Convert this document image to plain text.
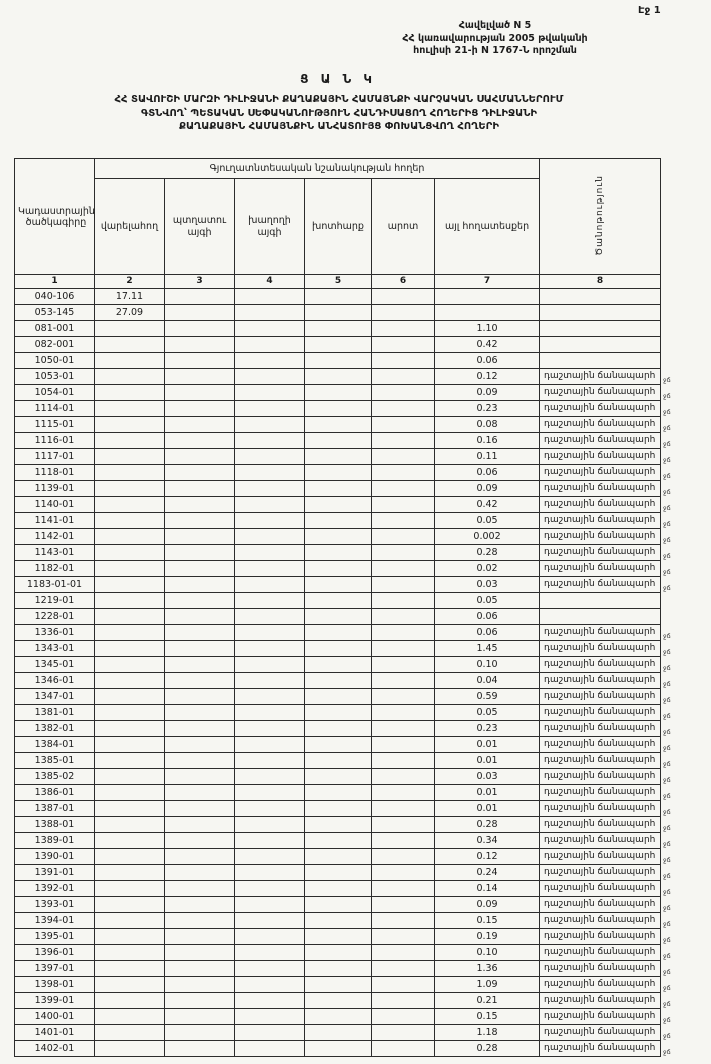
Էջ 1
Հավելված N 5
ՀՀ կառավարության 2005 թվականի
հուլիսի 21-ի N 1767-Ն որոշման
Ց Ա Ն Կ
ՀՀ ՏԱՎՈՒՇԻ ՄԱՐԶԻ ԴԻԼԻՋԱՆԻ ՔԱՂԱՔԱՅԻՆ ՀԱՄԱՅՆՔԻ ՎԱՐՉԱԿԱՆ ՍԱՀՄԱՆՆԵՐՈՒՄ
ԳՏՆՎՈՂ՝ ՊԵՏԱԿԱՆ ՍԵՓԱԿԱՆՈՒԹՅՈՒՆ ՀԱՆԴԻՍԱՑՈՂ ՀՈՂԵՐԻՑ ԴԻԼԻՋԱՆԻ
ՔԱՂԱՔԱՅԻՆ ՀԱՄԱՅՆՔԻՆ ԱՆՀԱՏՈՒՅՑ ՓՈԽԱՆՑՎՈՂ ՀՈՂԵՐԻ
Կադաստրային ծածկագիրը	Գյուղատնտեսական նշանակության հողեր						Ծանոթություն
	վարելահող	պտղատու այգի	խաղողի այգի	խոտհարք	արոտ	այլ հողատեսքեր	
1	2	3	4	5	6	7	8
040-106	17.11						
053-145	27.09						
081-001						1.10	
082-001						0.42	
1050-01						0.06	
1053-01						0.12	դաշտային ճանապարհ
1054-01						0.09	դաշտային ճանապարհ
1114-01						0.23	դաշտային ճանապարհ
1115-01						0.08	դաշտային ճանապարհ
1116-01						0.16	դաշտային ճանապարհ
1117-01						0.11	դաշտային ճանապարհ
1118-01						0.06	դաշտային ճանապարհ
1139-01						0.09	դաշտային ճանապարհ
1140-01						0.42	դաշտային ճանապարհ
1141-01						0.05	դաշտային ճանապարհ
1142-01						0.002	դաշտային ճանապարհ
1143-01						0.28	դաշտային ճանապարհ
1182-01						0.02	դաշտային ճանապարհ
1183-01-01						0.03	դաշտային ճանապարհ
1219-01						0.05	
1228-01						0.06	
1336-01						0.06	դաշտային ճանապարհ
1343-01						1.45	դաշտային ճանապարհ
1345-01						0.10	դաշտային ճանապարհ
1346-01						0.04	դաշտային ճանապարհ
1347-01						0.59	դաշտային ճանապարհ
1381-01						0.05	դաշտային ճանապարհ
1382-01						0.23	դաշտային ճանապարհ
1384-01						0.01	դաշտային ճանապարհ
1385-01						0.01	դաշտային ճանապարհ
1385-02						0.03	դաշտային ճանապարհ
1386-01						0.01	դաշտային ճանապարհ
1387-01						0.01	դաշտային ճանապարհ
1388-01						0.28	դաշտային ճանապարհ
1389-01						0.34	դաշտային ճանապարհ
1390-01						0.12	դաշտային ճանապարհ
1391-01						0.24	դաշտային ճանապարհ
1392-01						0.14	դաշտային ճանապարհ
1393-01						0.09	դաշտային ճանապարհ
1394-01						0.15	դաշտային ճանապարհ
1395-01						0.19	դաշտային ճանապարհ
1396-01						0.10	դաշտային ճանապարհ
1397-01						1.36	դաշտային ճանապարհ
1398-01						1.09	դաշտային ճանապարհ
1399-01						0.21	դաշտային ճանապարհ
1400-01						0.15	դաշտային ճանապարհ
1401-01						1.18	դաշտային ճանապարհ
1402-01						0.28	դաշտային ճանապարհ
ջճ
ջճ
ջճ
ջճ
ջճ
ջճ
ջճ
ջճ
ջճ
ջճ
ջճ
ջճ
ջճ
ջճ
ջճ
ջճ
ջճ
ջճ
ջճ
ջճ
ջճ
ջճ
ջճ
ջճ
ջճ
ջճ
ջճ
ջճ
ջճ
ջճ
ջճ
ջճ
ջճ
ջճ
ջճ
ջճ
ջճ
ջճ
ջճ
ջճ
ջճ
